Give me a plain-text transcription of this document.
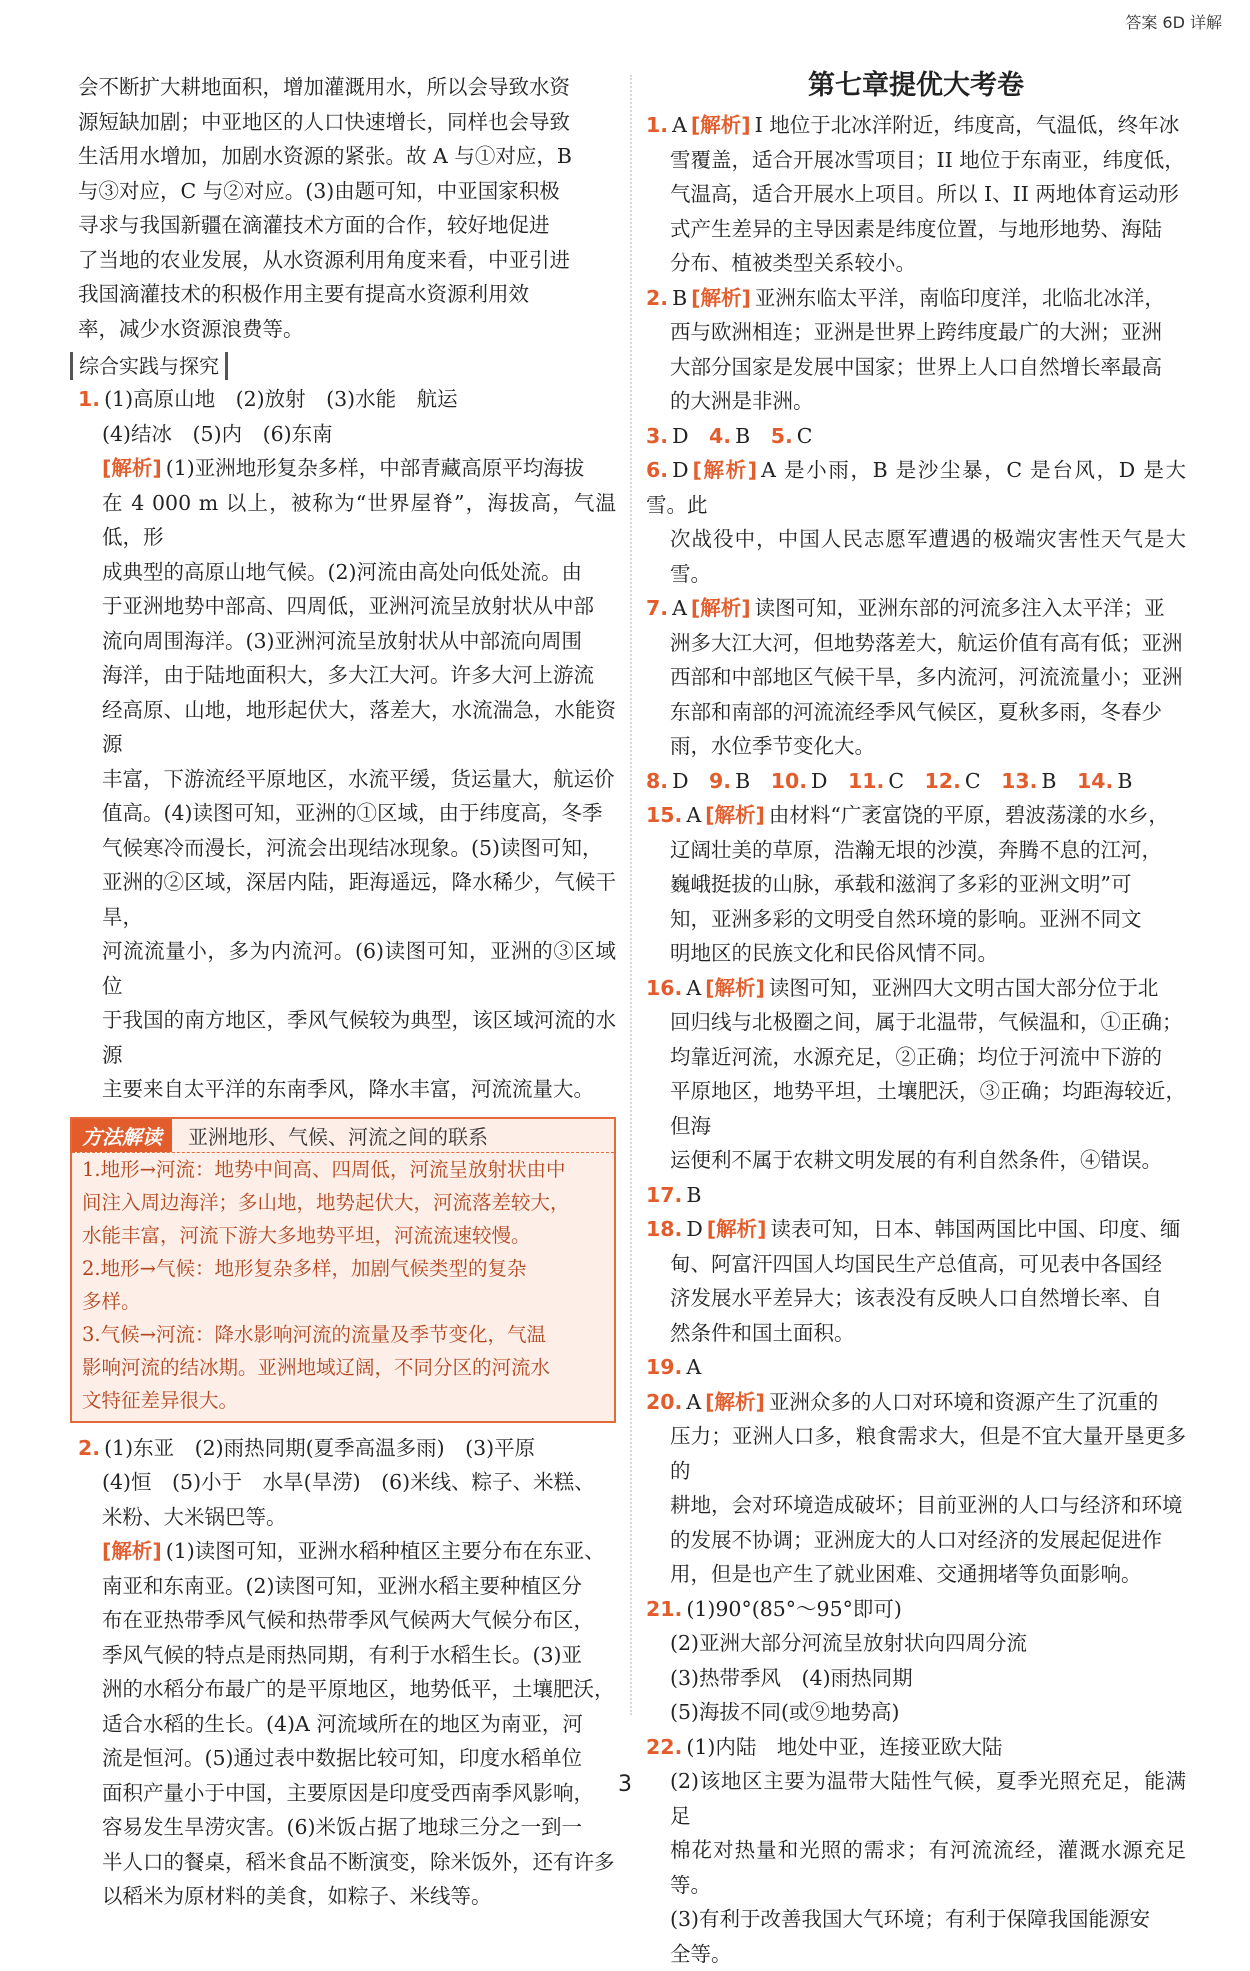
答案 6D 详解

会不断扩大耕地面积，增加灌溉用水，所以会导致水资

源短缺加剧；中亚地区的人口快速增长，同样也会导致

生活用水增加，加剧水资源的紧张。故 A 与①对应，B

与③对应，C 与②对应。(3)由题可知，中亚国家积极

寻求与我国新疆在滴灌技术方面的合作，较好地促进

了当地的农业发展，从水资源利用角度来看，中亚引进

我国滴灌技术的积极作用主要有提高水资源利用效

率，减少水资源浪费等。

综合实践与探究

1. (1)高原山地　(2)放射　(3)水能　航运

(4)结冰　(5)内　(6)东南

[解析] (1)亚洲地形复杂多样，中部青藏高原平均海拔

在 4 000 m 以上，被称为“世界屋脊”，海拔高，气温低，形

成典型的高原山地气候。(2)河流由高处向低处流。由

于亚洲地势中部高、四周低，亚洲河流呈放射状从中部

流向周围海洋。(3)亚洲河流呈放射状从中部流向周围

海洋，由于陆地面积大，多大江大河。许多大河上游流

经高原、山地，地形起伏大，落差大，水流湍急，水能资源

丰富，下游流经平原地区，水流平缓，货运量大，航运价

值高。(4)读图可知，亚洲的①区域，由于纬度高，冬季

气候寒冷而漫长，河流会出现结冰现象。(5)读图可知，

亚洲的②区域，深居内陆，距海遥远，降水稀少，气候干旱，

河流流量小，多为内流河。(6)读图可知，亚洲的③区域位

于我国的南方地区，季风气候较为典型，该区域河流的水源

主要来自太平洋的东南季风，降水丰富，河流流量大。

方法解读	亚洲地形、气候、河流之间的联系

1.地形→河流：地势中间高、四周低，河流呈放射状由中

间注入周边海洋；多山地，地势起伏大，河流落差较大，

水能丰富，河流下游大多地势平坦，河流流速较慢。

2.地形→气候：地形复杂多样，加剧气候类型的复杂

多样。

3.气候→河流：降水影响河流的流量及季节变化，气温

影响河流的结冰期。亚洲地域辽阔，不同分区的河流水

文特征差异很大。

2. (1)东亚　(2)雨热同期(夏季高温多雨)　(3)平原

(4)恒　(5)小于　水旱(旱涝)　(6)米线、粽子、米糕、

米粉、大米锅巴等。

[解析] (1)读图可知，亚洲水稻种植区主要分布在东亚、

南亚和东南亚。(2)读图可知，亚洲水稻主要种植区分

布在亚热带季风气候和热带季风气候两大气候分布区，

季风气候的特点是雨热同期，有利于水稻生长。(3)亚

洲的水稻分布最广的是平原地区，地势低平，土壤肥沃，

适合水稻的生长。(4)A 河流域所在的地区为南亚，河

流是恒河。(5)通过表中数据比较可知，印度水稻单位

面积产量小于中国，主要原因是印度受西南季风影响，

容易发生旱涝灾害。(6)米饭占据了地球三分之一到一

半人口的餐桌，稻米食品不断演变，除米饭外，还有许多

以稻米为原材料的美食，如粽子、米线等。

第七章提优大考卷

1. A [解析] I 地位于北冰洋附近，纬度高，气温低，终年冰

雪覆盖，适合开展冰雪项目；II 地位于东南亚，纬度低，

气温高，适合开展水上项目。所以 I、II 两地体育运动形

式产生差异的主导因素是纬度位置，与地形地势、海陆

分布、植被类型关系较小。

2. B [解析] 亚洲东临太平洋，南临印度洋，北临北冰洋，

西与欧洲相连；亚洲是世界上跨纬度最广的大洲；亚洲

大部分国家是发展中国家；世界上人口自然增长率最高

的大洲是非洲。

3. D 4. B 5. C

6. D [解析] A 是小雨，B 是沙尘暴，C 是台风，D 是大雪。此

次战役中，中国人民志愿军遭遇的极端灾害性天气是大雪。

7. A [解析] 读图可知，亚洲东部的河流多注入太平洋；亚

洲多大江大河，但地势落差大，航运价值有高有低；亚洲

西部和中部地区气候干旱，多内流河，河流流量小；亚洲

东部和南部的河流流经季风气候区，夏秋多雨，冬春少

雨，水位季节变化大。

8. D 9. B 10. D 11. C 12. C 13. B 14. B

15. A [解析] 由材料“广袤富饶的平原，碧波荡漾的水乡，

辽阔壮美的草原，浩瀚无垠的沙漠，奔腾不息的江河，

巍峨挺拔的山脉，承载和滋润了多彩的亚洲文明”可

知，亚洲多彩的文明受自然环境的影响。亚洲不同文

明地区的民族文化和民俗风情不同。

16. A [解析] 读图可知，亚洲四大文明古国大部分位于北

回归线与北极圈之间，属于北温带，气候温和，①正确；

均靠近河流，水源充足，②正确；均位于河流中下游的

平原地区，地势平坦，土壤肥沃，③正确；均距海较近，但海

运便利不属于农耕文明发展的有利自然条件，④错误。

17. B

18. D [解析] 读表可知，日本、韩国两国比中国、印度、缅

甸、阿富汗四国人均国民生产总值高，可见表中各国经

济发展水平差异大；该表没有反映人口自然增长率、自

然条件和国土面积。

19. A

20. A [解析] 亚洲众多的人口对环境和资源产生了沉重的

压力；亚洲人口多，粮食需求大，但是不宜大量开垦更多的

耕地，会对环境造成破坏；目前亚洲的人口与经济和环境

的发展不协调；亚洲庞大的人口对经济的发展起促进作

用，但是也产生了就业困难、交通拥堵等负面影响。

21. (1)90°(85°～95°即可)

(2)亚洲大部分河流呈放射状向四周分流

(3)热带季风　(4)雨热同期

(5)海拔不同(或⑨地势高)

22. (1)内陆　地处中亚，连接亚欧大陆

(2)该地区主要为温带大陆性气候，夏季光照充足，能满足

棉花对热量和光照的需求；有河流流经，灌溉水源充足等。

(3)有利于改善我国大气环境；有利于保障我国能源安

全等。

3
